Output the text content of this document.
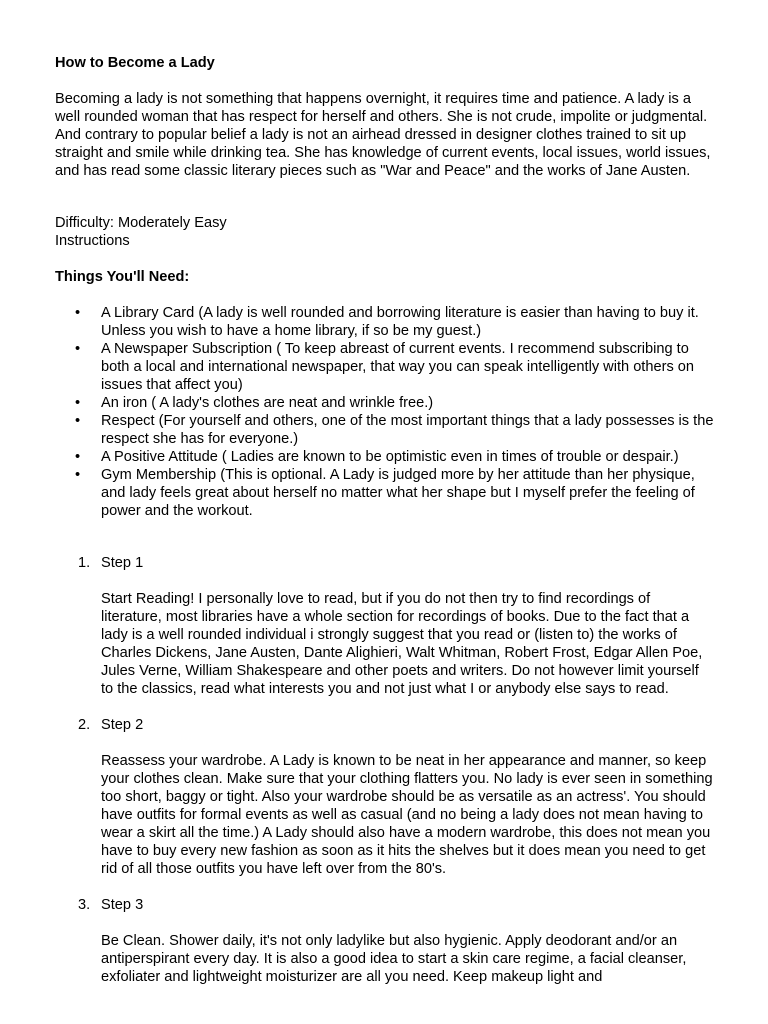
How to Become a Lady

Becoming a lady is not something that happens overnight, it requires time and patience. A lady is a well rounded woman that has respect for herself and others. She is not crude, impolite or judgmental. And contrary to popular belief a lady is not an airhead dressed in designer clothes trained to sit up straight and smile while drinking tea. She has knowledge of current events, local issues, world issues, and has read some classic literary pieces such as "War and Peace" and the works of Jane Austen.

Difficulty: Moderately Easy

Instructions

Things You'll Need:

• A Library Card (A lady is well rounded and borrowing literature is easier than having to buy it. Unless you wish to have a home library, if so be my guest.)
• A Newspaper Subscription ( To keep abreast of current events. I recommend subscribing to both a local and international newspaper, that way you can speak intelligently with others on issues that affect you)
• An iron ( A lady's clothes are neat and wrinkle free.)
• Respect (For yourself and others, one of the most important things that a lady possesses is the respect she has for everyone.)
• A Positive Attitude ( Ladies are known to be optimistic even in times of trouble or despair.)
• Gym Membership (This is optional. A Lady is judged more by her attitude than her physique, and lady feels great about herself no matter what her shape but I myself prefer the feeling of power and the workout.
1. Step 1
Start Reading! I personally love to read, but if you do not then try to find recordings of literature, most libraries have a whole section for recordings of books. Due to the fact that a lady is a well rounded individual i strongly suggest that you read or (listen to) the works of Charles Dickens, Jane Austen, Dante Alighieri, Walt Whitman, Robert Frost, Edgar Allen Poe, Jules Verne, William Shakespeare and other poets and writers. Do not however limit yourself to the classics, read what interests you and not just what I or anybody else says to read.
2. Step 2
Reassess your wardrobe. A Lady is known to be neat in her appearance and manner, so keep your clothes clean. Make sure that your clothing flatters you. No lady is ever seen in something too short, baggy or tight. Also your wardrobe should be as versatile as an actress'. You should have outfits for formal events as well as casual (and no being a lady does not mean having to wear a skirt all the time.) A Lady should also have a modern wardrobe, this does not mean you have to buy every new fashion as soon as it hits the shelves but it does mean you need to get rid of all those outfits you have left over from the 80's.
3. Step 3
Be Clean. Shower daily, it's not only ladylike but also hygienic. Apply deodorant and/or an antiperspirant every day. It is also a good idea to start a skin care regime, a facial cleanser, exfoliater and lightweight moisturizer are all you need. Keep makeup light and
